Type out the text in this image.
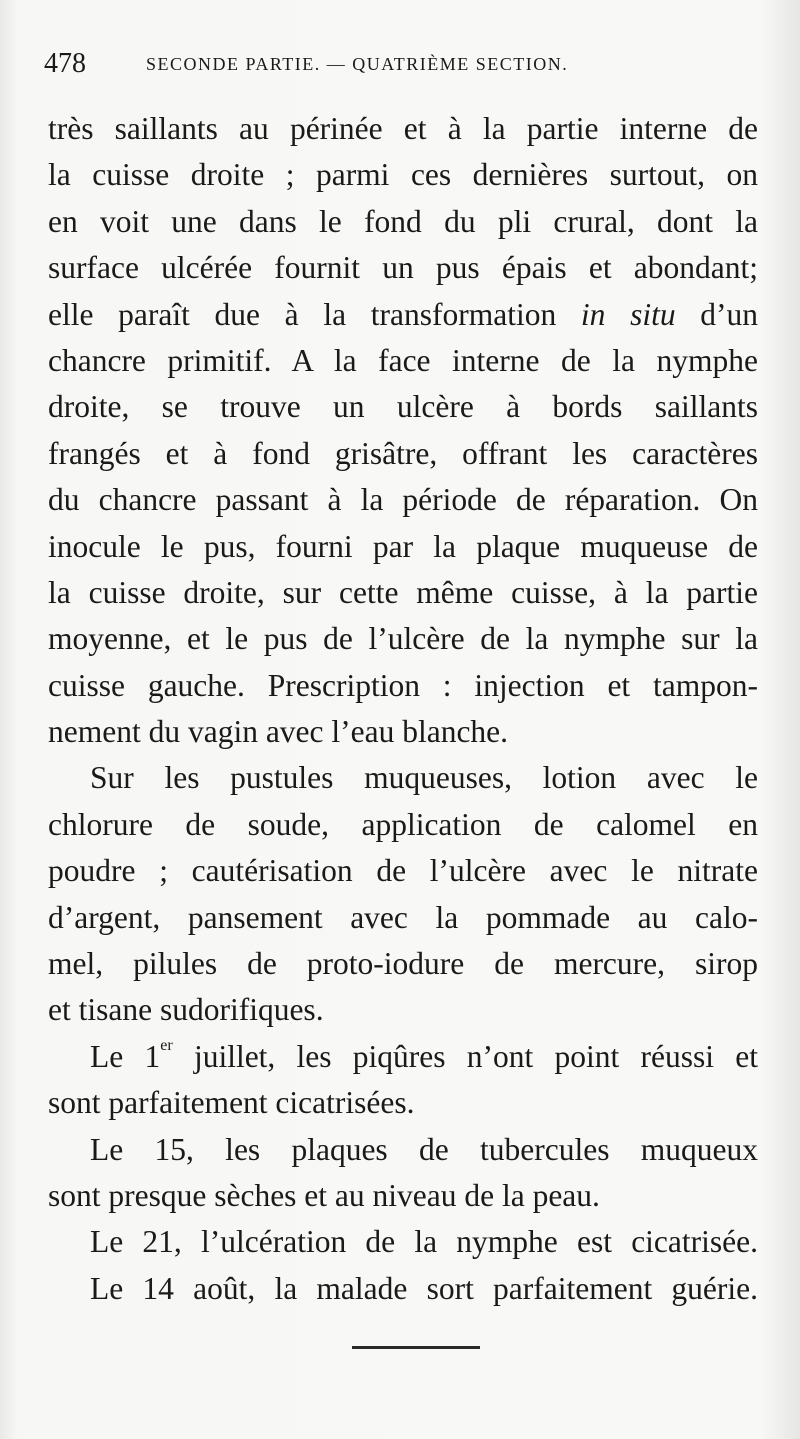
478	SECONDE PARTIE. — QUATRIÈME SECTION.
très saillants au périnée et à la partie interne de
la cuisse droite ; parmi ces dernières surtout, on
en voit une dans le fond du pli crural, dont la
surface ulcérée fournit un pus épais et abondant;
elle paraît due à la transformation in situ d’un
chancre primitif. A la face interne de la nymphe
droite, se trouve un ulcère à bords saillants
frangés et à fond grisâtre, offrant les caractères
du chancre passant à la période de réparation. On
inocule le pus, fourni par la plaque muqueuse de
la cuisse droite, sur cette même cuisse, à la partie
moyenne, et le pus de l’ulcère de la nymphe sur la
cuisse gauche. Prescription : injection et tampon-
nement du vagin avec l’eau blanche.
Sur les pustules muqueuses, lotion avec le
chlorure de soude, application de calomel en
poudre ; cautérisation de l’ulcère avec le nitrate
d’argent, pansement avec la pommade au calo-
mel, pilules de proto-iodure de mercure, sirop
et tisane sudorifiques.
Le 1er juillet, les piqûres n’ont point réussi et
sont parfaitement cicatrisées.
Le 15, les plaques de tubercules muqueux
sont presque sèches et au niveau de la peau.
Le 21, l’ulcération de la nymphe est cicatrisée.
Le 14 août, la malade sort parfaitement guérie.
